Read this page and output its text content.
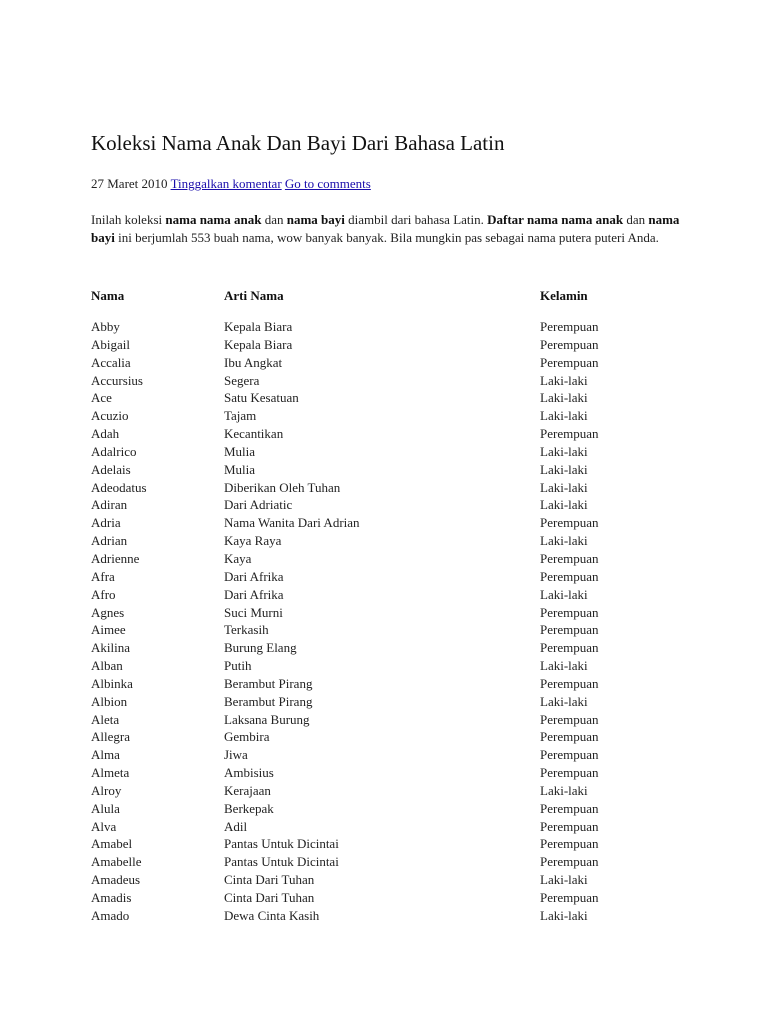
Koleksi Nama Anak Dan Bayi Dari Bahasa Latin
27 Maret 2010 Tinggalkan komentar Go to comments

Inilah koleksi nama nama anak dan nama bayi diambil dari bahasa Latin. Daftar nama nama anak dan nama bayi ini berjumlah 553 buah nama, wow banyak banyak. Bila mungkin pas sebagai nama putera puteri Anda.

Nama	Arti Nama	Kelamin
Abby	Kepala Biara	Perempuan
Abigail	Kepala Biara	Perempuan
Accalia	Ibu Angkat	Perempuan
Accursius	Segera	Laki-laki
Ace	Satu Kesatuan	Laki-laki
Acuzio	Tajam	Laki-laki
Adah	Kecantikan	Perempuan
Adalrico	Mulia	Laki-laki
Adelais	Mulia	Laki-laki
Adeodatus	Diberikan Oleh Tuhan	Laki-laki
Adiran	Dari Adriatic	Laki-laki
Adria	Nama Wanita Dari Adrian	Perempuan
Adrian	Kaya Raya	Laki-laki
Adrienne	Kaya	Perempuan
Afra	Dari Afrika	Perempuan
Afro	Dari Afrika	Laki-laki
Agnes	Suci Murni	Perempuan
Aimee	Terkasih	Perempuan
Akilina	Burung Elang	Perempuan
Alban	Putih	Laki-laki
Albinka	Berambut Pirang	Perempuan
Albion	Berambut Pirang	Laki-laki
Aleta	Laksana Burung	Perempuan
Allegra	Gembira	Perempuan
Alma	Jiwa	Perempuan
Almeta	Ambisius	Perempuan
Alroy	Kerajaan	Laki-laki
Alula	Berkepak	Perempuan
Alva	Adil	Perempuan
Amabel	Pantas Untuk Dicintai	Perempuan
Amabelle	Pantas Untuk Dicintai	Perempuan
Amadeus	Cinta Dari Tuhan	Laki-laki
Amadis	Cinta Dari Tuhan	Perempuan
Amado	Dewa Cinta Kasih	Laki-laki
